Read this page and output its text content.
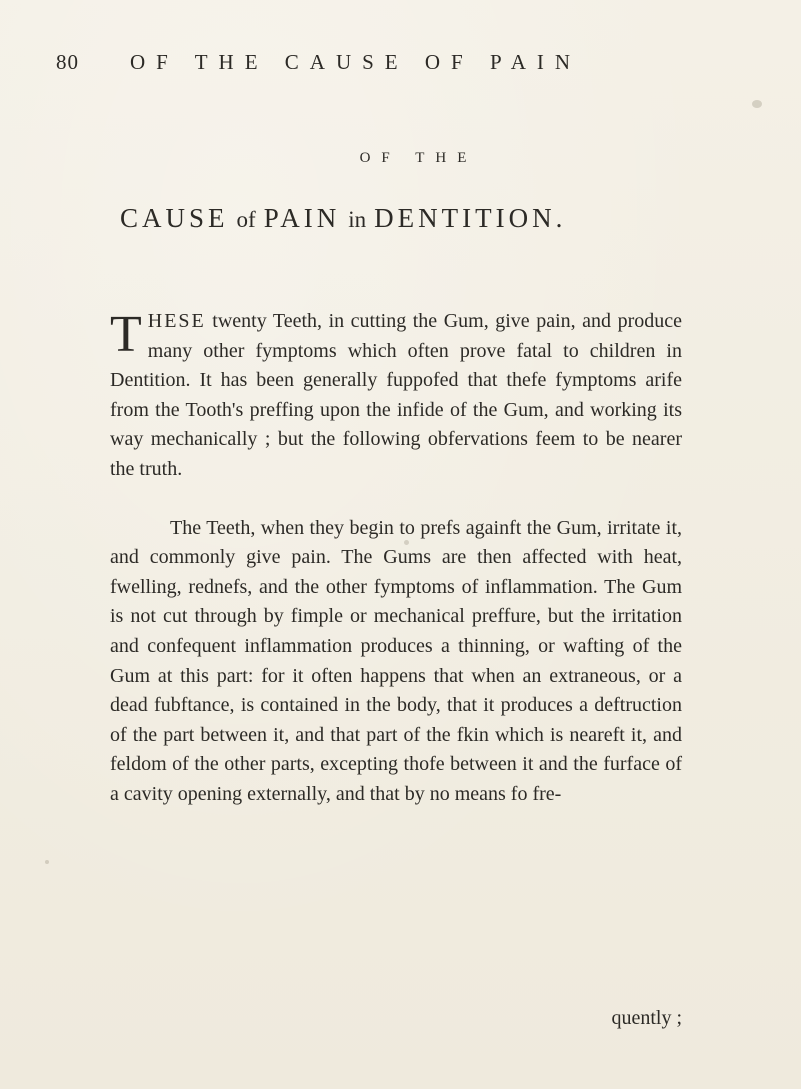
80 OF THE CAUSE OF PAIN
OF THE
CAUSE of PAIN in DENTITION.

THESE twenty Teeth, in cutting the Gum, give pain, and produce many other fymptoms which often prove fatal to children in Dentition. It has been generally fuppofed that thefe fymptoms arife from the Tooth's preffing upon the infide of the Gum, and working its way mechanically ; but the following obfervations feem to be nearer the truth.

The Teeth, when they begin to prefs againft the Gum, irritate it, and commonly give pain. The Gums are then affected with heat, fwelling, rednefs, and the other fymptoms of inflammation. The Gum is not cut through by fimple or mechanical preffure, but the irritation and confequent inflammation produces a thinning, or wafting of the Gum at this part: for it often happens that when an extraneous, or a dead fubftance, is contained in the body, that it produces a deftruction of the part between it, and that part of the fkin which is neareft it, and feldom of the other parts, excepting thofe between it and the furface of a cavity opening externally, and that by no means fo fre-

quently ;
